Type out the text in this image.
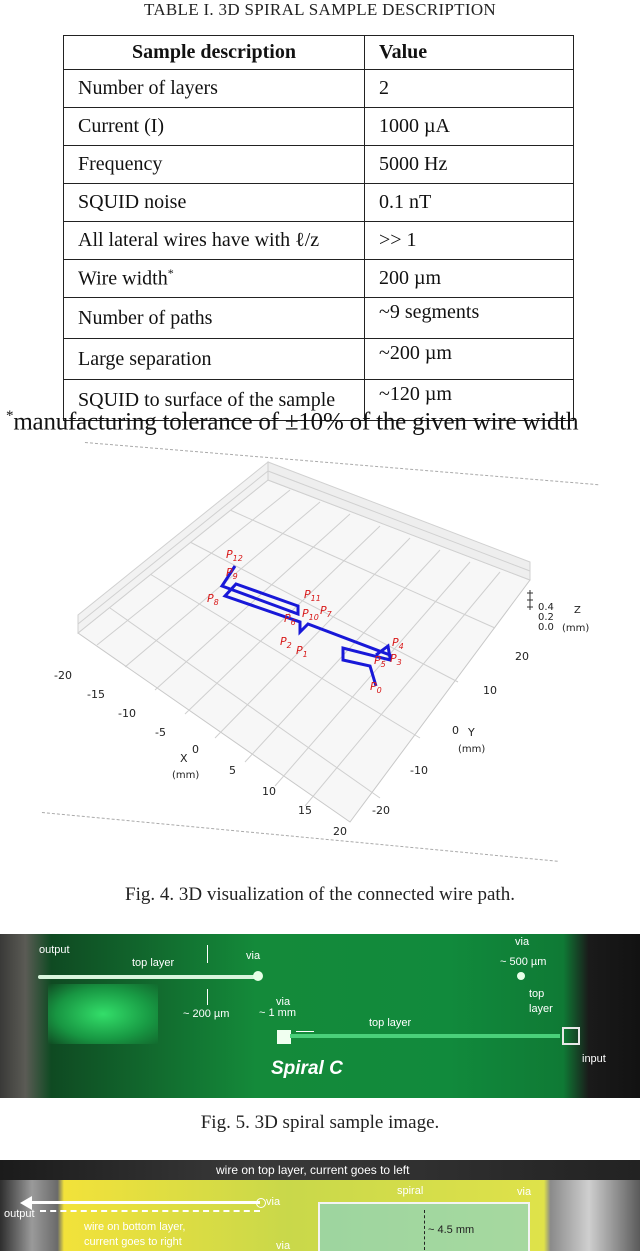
TABLE I. 3D SPIRAL SAMPLE DESCRIPTION
Sample description	Value
Number of layers	2
Current (I)	1000 µA
Frequency	5000 Hz
SQUID noise	0.1 nT
All lateral wires have with ℓ/z	>> 1
Wire width*	200 µm
Number of paths	~9 segments
Large separation	~200 µm
SQUID to surface of the sample	~120 µm
*manufacturing tolerance of ±10% of the given wire width
$P_{12}$
$P_9$
$P_8$
$P_{11}$
$P_{10}$
$P_7$
$P_6$
$P_4$
$P_5$ $P_3$
$P_2$ $P_1$
$P_0$
-20
-15
-10
-5
0
5
10
15
20
X
(mm)
20
10
0
-10
-20
Y
(mm)
0.4
0.2
0.0
Z
(mm)
Fig. 4. 3D visualization of the connected wire path.
output
top layer
via
~ 200 µm
via
~ 1 mm
top layer
Spiral C
via
~ 500 µm
top
layer
input
Fig. 5. 3D spiral sample image.
wire on top layer, current goes to left
output
via
wire on bottom layer,
current goes to right	via
spiral	via
~ 4.5 mm
